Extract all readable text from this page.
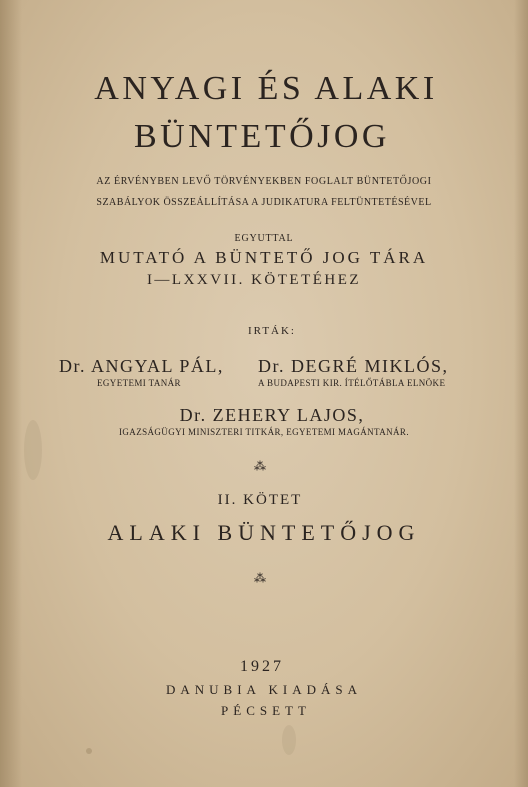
ANYAGI ÉS ALAKI
BÜNTETŐJOG
AZ ÉRVÉNYBEN LEVŐ TÖRVÉNYEKBEN FOGLALT BÜNTETŐJOGI
SZABÁLYOK ÖSSZEÁLLÍTÁSA A JUDIKATURA FELTÜNTETÉSÉVEL
EGYUTTAL
MUTATÓ A BÜNTETŐ JOG TÁRA
I—LXXVII. KÖTETÉHEZ
IRTÁK:
Dr. ANGYAL PÁL,
EGYETEMI TANÁR
Dr. DEGRÉ MIKLÓS,
A BUDAPESTI KIR. ÍTÉLŐTÁBLA ELNÖKE
Dr. ZEHERY LAJOS,
IGAZSÁGÜGYI MINISZTERI TITKÁR, EGYETEMI MAGÁNTANÁR.
⁂
II. KÖTET
ALAKI BÜNTETŐJOG
⁂
1927
DANUBIA KIADÁSA
PÉCSETT
